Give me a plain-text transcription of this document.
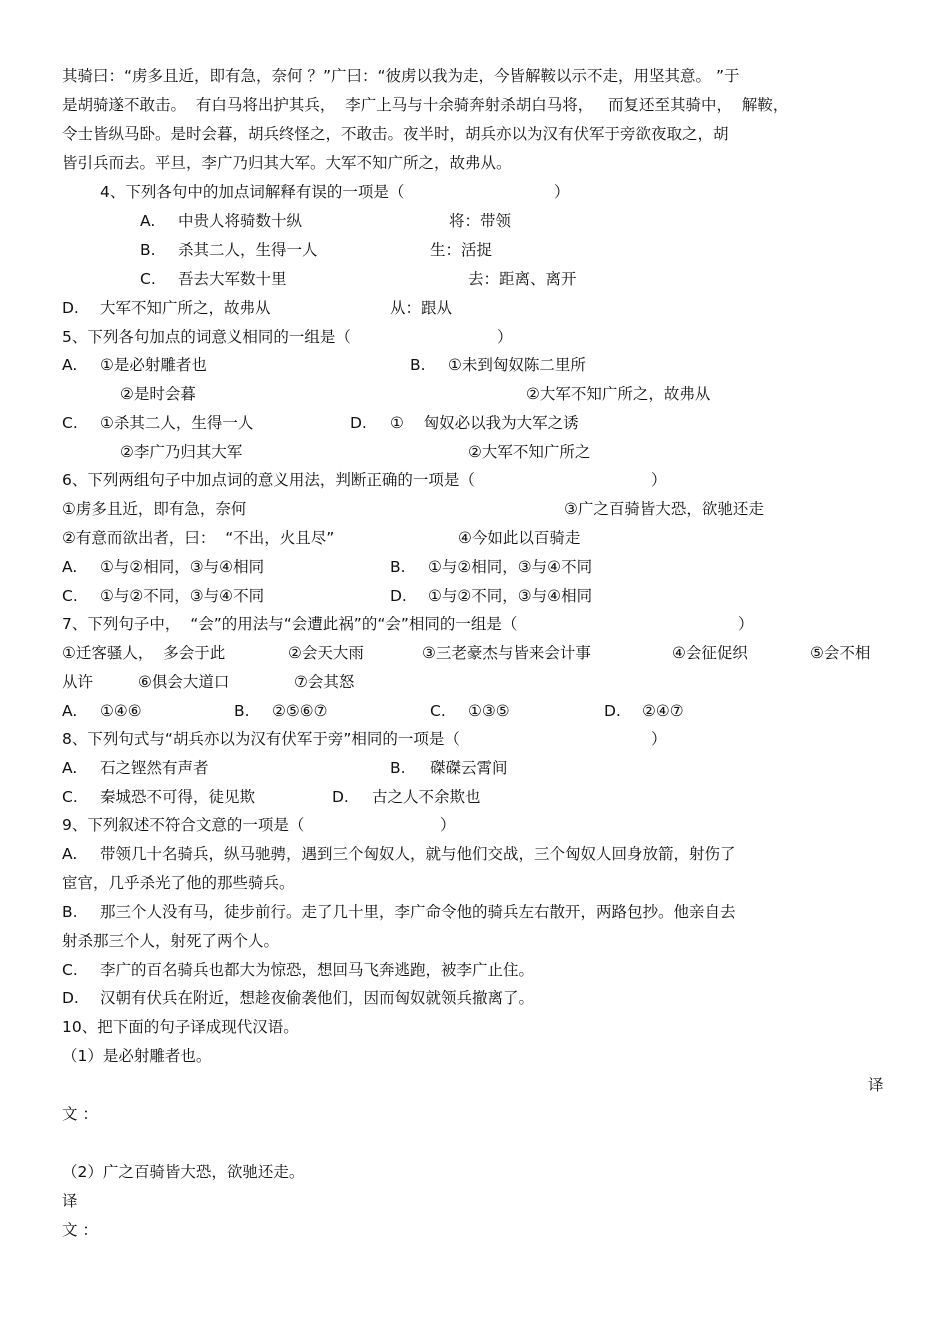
其骑曰：“虏多且近，即有急，奈何 ？”广曰：“彼虏以我为走，今皆解鞍以示不走，用坚其意。 ”于
是胡骑遂不敢击。  有白马将出护其兵，  李广上马与十余骑奔射杀胡白马将，   而复还至其骑中，  解鞍，
令士皆纵马卧。是时会暮，胡兵终怪之，不敢击。夜半时，胡兵亦以为汉有伏军于旁欲夜取之，胡
皆引兵而去。平旦，李广乃归其大军。大军不知广所之，故弗从。
4、下列各句中的加点词解释有误的一项是（	）
A. 中贵人将骑数十纵	将：带领
B. 杀其二人，生得一人	生：活捉
C. 吾去大军数十里	去：距离、离开
D. 大军不知广所之，故弗从	从：跟从
5、下列各句加点的词意义相同的一组是（	）
A. ①是必射雕者也	B. ①未到匈奴陈二里所
②是时会暮	②大军不知广所之，故弗从
C. ①杀其二人，生得一人	D. ①    匈奴必以我为大军之诱
②李广乃归其大军	②大军不知广所之
6、下列两组句子中加点词的意义用法，判断正确的一项是（	）
①虏多且近，即有急，奈何	③广之百骑皆大恐，欲驰还走
②有意而欲出者，曰：  “不出，火且尽”	④今如此以百骑走
A. ①与②相同，③与④相同	B. ①与②相同，③与④不同
C. ①与②不同，③与④不同	D. ①与②不同，③与④相同
7、下列句子中，  “会”的用法与“会遭此祸”的“会”相同的一组是（	）
①迁客骚人，  多会于此	②会天大雨	③三老豪杰与皆来会计事	④会征促织	⑤会不相
从许	⑥俱会大道口	⑦会其怒
A. ①④⑥	B. ②⑤⑥⑦	C. ①③⑤	D. ②④⑦
8、下列句式与“胡兵亦以为汉有伏军于旁”相同的一项是（	）
A. 石之铿然有声者	B. 磔磔云霄间
C. 秦城恐不可得，徒见欺	D. 古之人不余欺也
9、下列叙述不符合文意的一项是（	）
A. 带领几十名骑兵，纵马驰骋，遇到三个匈奴人，就与他们交战，三个匈奴人回身放箭，射伤了
宦官，几乎杀光了他的那些骑兵。
B. 那三个人没有马，徒步前行。走了几十里，李广命令他的骑兵左右散开，两路包抄。他亲自去
射杀那三个人，射死了两个人。
C. 李广的百名骑兵也都大为惊恐，想回马飞奔逃跑，被李广止住。
D. 汉朝有伏兵在附近，想趁夜偷袭他们，因而匈奴就领兵撤离了。
10、把下面的句子译成现代汉语。
（1）是必射雕者也。
译
文 ：
（2）广之百骑皆大恐，欲驰还走。
译
文 ：
